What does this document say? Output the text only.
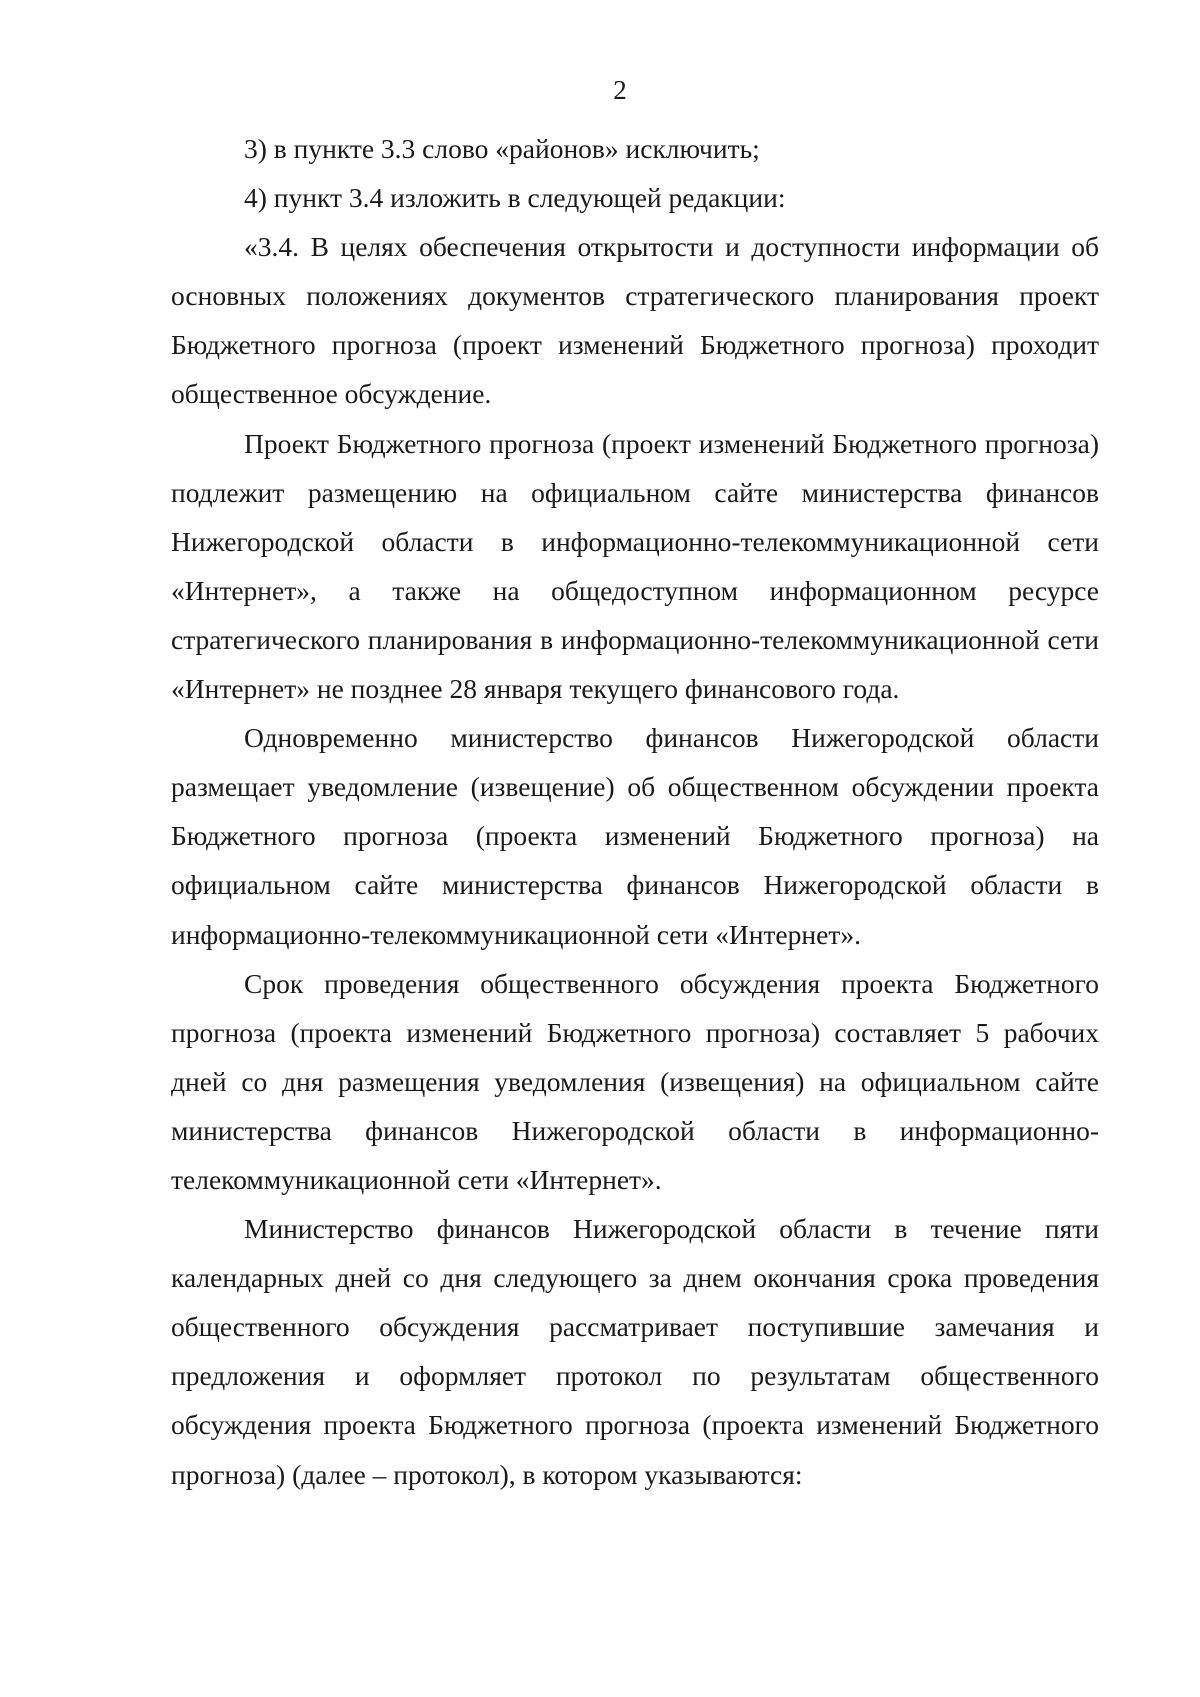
2

3) в пункте 3.3 слово «районов» исключить;

4) пункт 3.4 изложить в следующей редакции:

«3.4. В целях обеспечения открытости и доступности информации об основных положениях документов стратегического планирования проект Бюджетного прогноза (проект изменений Бюджетного прогноза) проходит общественное обсуждение.

Проект Бюджетного прогноза (проект изменений Бюджетного прогноза) подлежит размещению на официальном сайте министерства финансов Нижегородской области в информационно-телекоммуникационной сети «Интернет», а также на общедоступном информационном ресурсе стратегического планирования в информационно-телекоммуникационной сети «Интернет» не позднее 28 января текущего финансового года.

Одновременно министерство финансов Нижегородской области размещает уведомление (извещение) об общественном обсуждении проекта Бюджетного прогноза (проекта изменений Бюджетного прогноза) на официальном сайте министерства финансов Нижегородской области в информационно-телекоммуникационной сети «Интернет».

Срок проведения общественного обсуждения проекта Бюджетного прогноза (проекта изменений Бюджетного прогноза) составляет 5 рабочих дней со дня размещения уведомления (извещения) на официальном сайте министерства финансов Нижегородской области в информационно-телекоммуникационной сети «Интернет».

Министерство финансов Нижегородской области в течение пяти календарных дней со дня следующего за днем окончания срока проведения общественного обсуждения рассматривает поступившие замечания и предложения и оформляет протокол по результатам общественного обсуждения проекта Бюджетного прогноза (проекта изменений Бюджетного прогноза) (далее – протокол), в котором указываются:
